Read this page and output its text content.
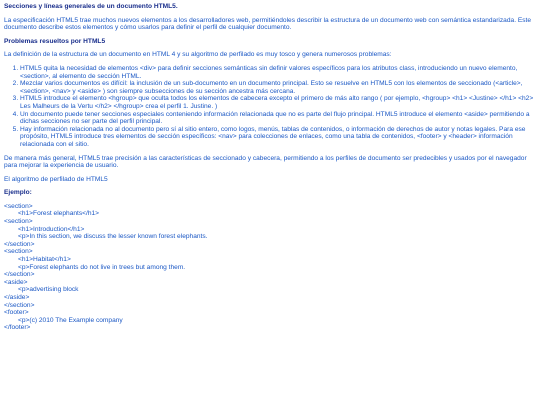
Secciones y líneas generales de un documento HTML5.

La especificación HTML5 trae muchos nuevos elementos a los desarrolladores web, permitiéndoles describir la estructura de un documento web con semántica estandarizada. Este documento describe estos elementos y cómo usarlos para definir el perfil de cualquier documento.

Problemas resueltos por HTML5

La definición de la estructura de un documento en HTML 4 y su algoritmo de perfilado es muy tosco y genera numerosos problemas:

1. HTML5 quita la necesidad de elementos <div> para definir secciones semánticas sin definir valores específicos para los atributos class, introduciendo un nuevo elemento, <section>, al elemento de sección HTML.
2. Mezclar varios documentos es difícil: la inclusión de un sub-documento en un documento principal. Esto se resuelve en HTML5 con los elementos de seccionado (<article>, <section>, <nav> y <aside> ) son siempre subsecciones de su sección ancestra más cercana.
3. HTML5 introduce el elemento <hgroup> que oculta todos los elementos de cabecera excepto el primero de más alto rango ( por ejemplo, <hgroup> <h1> <Justine> </h1> <h2> Les Malheurs de la Vertu </h2> </hgroup> crea el perfil 1. Justine. )
4. Un documento puede tener secciones especiales conteniendo información relacionada que no es parte del flujo principal. HTML5 introduce el elemento <aside> permitiendo a dichas secciones no ser parte del perfil principal.
5. Hay información relacionada no al documento pero sí al sitio entero, como logos, menús, tablas de contenidos, o información de derechos de autor y notas legales. Para ese propósito, HTML5 introduce tres elementos de sección específicos: <nav> para colecciones de enlaces, como una tabla de contenidos, <footer> y <header> información relacionada con el sitio.

De manera más general, HTML5 trae precisión a las características de seccionado y cabecera, permitiendo a los perfiles de documento ser predecibles y usados por el navegador para mejorar la experiencia de usuario.

El algoritmo de perfilado de HTML5

Ejemplo:
<section>
<h1>Forest elephants</h1>
<section>
<h1>Introduction</h1>
<p>In this section, we discuss the lesser known forest elephants.
</section>
<section>
<h1>Habitat</h1>
<p>Forest elephants do not live in trees but among them.
</section>
<aside>
<p>advertising block
</aside>
</section>
<footer>
<p>(c) 2010 The Example company
</footer>
